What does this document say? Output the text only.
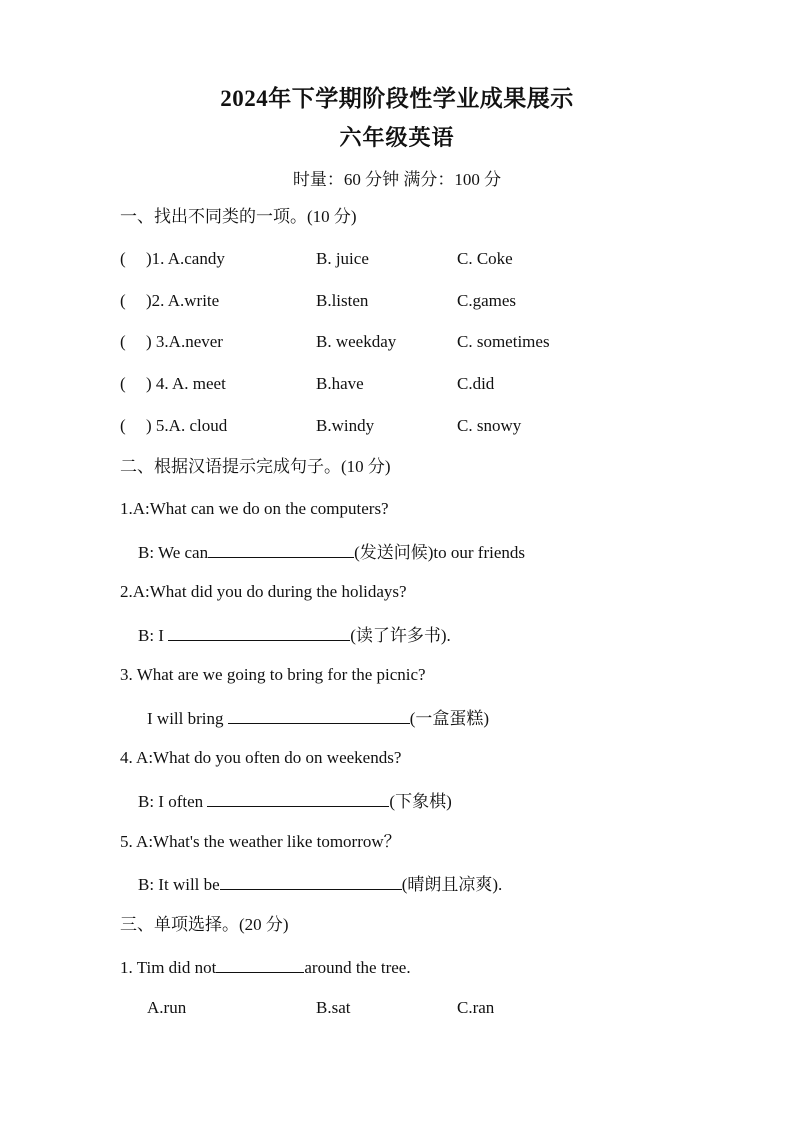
2024年下学期阶段性学业成果展示
六年级英语
时量：60 分钟 满分：100 分
一、找出不同类的一项。(10 分)
(	)1. A.candy	B. juice	C. Coke
( )2. A.write	B.listen	C.games
( ) 3.A.never	B. weekday	C. sometimes
( ) 4. A. meet	B.have	C.did
( ) 5.A. cloud	B.windy	C. snowy
二、根据汉语提示完成句子。(10 分)
1.A:What can we do on the computers?
B: We can	(发送问候)to our friends
2.A:What did you do during the holidays?
B: I	(读了许多书).
3. What are we going to bring for the picnic?
I will bring	(一盒蛋糕)
4. A:What do you often do on weekends?
B: I often	(下象棋)
5. A:What's the weather like tomorrow？
B: It will be	(晴朗且凉爽).
三、单项选择。(20 分)
1. Tim did not	around the tree.
A.run	B.sat	C.ran
